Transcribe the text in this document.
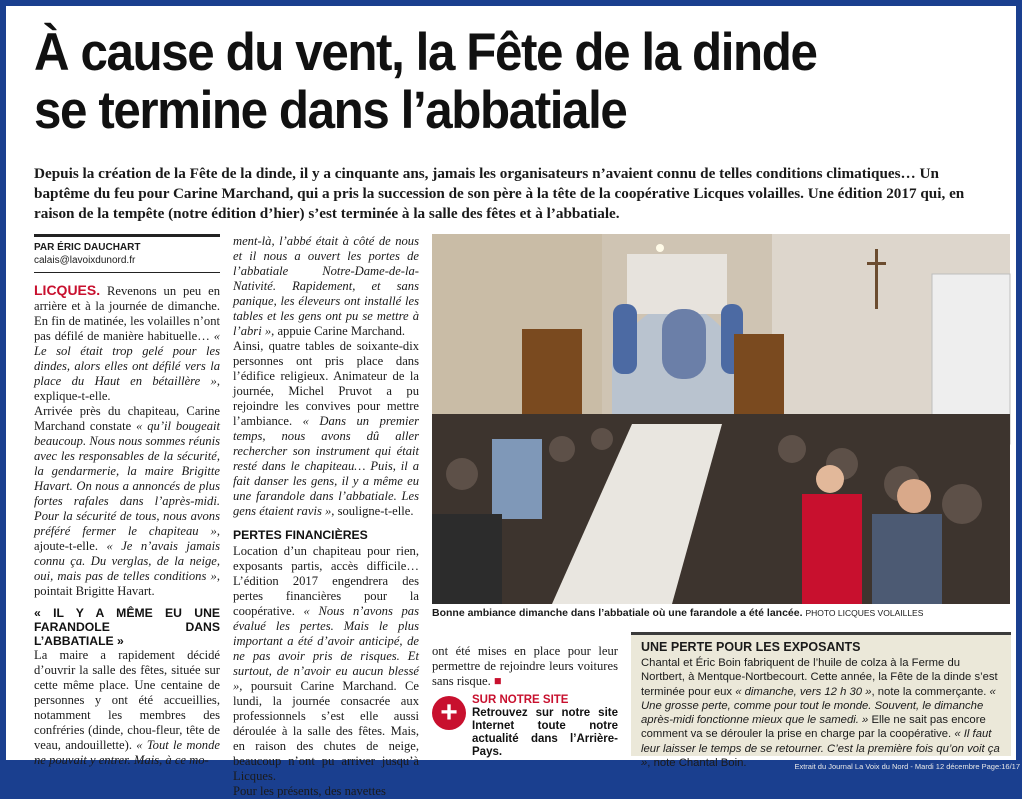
À cause du vent, la Fête de la dinde
se termine dans l’abbatiale

Depuis la création de la Fête de la dinde, il y a cinquante ans, jamais les organisateurs n’avaient connu de telles conditions climatiques… Un baptême du feu pour Carine Marchand, qui a pris la succession de son père à la tête de la coopérative Licques volailles. Une édition 2017 qui, en raison de la tempête (notre édition d’hier) s’est terminée à la salle des fêtes et à l’abbatiale.

PAR ÉRIC DAUCHART
calais@lavoixdunord.fr

LICQUES. Revenons un peu en arrière et à la journée de dimanche. En fin de matinée, les volailles n’ont pas défilé de manière habituelle… « Le sol était trop gelé pour les dindes, alors elles ont défilé vers la place du Haut en bétaillère », explique-t-elle.

Arrivée près du chapiteau, Carine Marchand constate « qu’il bougeait beaucoup. Nous nous sommes réunis avec les responsables de la sécurité, la gendarmerie, la maire Brigitte Havart. On nous a annoncés de plus fortes rafales dans l’après-midi. Pour la sécurité de tous, nous avons préféré fermer le chapiteau », ajoute-t-elle. « Je n’avais jamais connu ça. Du verglas, de la neige, oui, mais pas de telles conditions », pointait Brigitte Havart.

« IL Y A MÊME EU UNE FARANDOLE DANS L’ABBATIALE »

La maire a rapidement décidé d’ouvrir la salle des fêtes, située sur cette même place. Une centaine de personnes y ont été accueillies, notamment les membres des confréries (dinde, chou-fleur, tête de veau, andouillette). « Tout le monde ne pouvait y entrer. Mais, à ce mo-

ment-là, l’abbé était à côté de nous et il nous a ouvert les portes de l’abbatiale Notre-Dame-de-la-Nativité. Rapidement, et sans panique, les éleveurs ont installé les tables et les gens ont pu se mettre à l’abri », appuie Carine Marchand.

Ainsi, quatre tables de soixante-dix personnes ont pris place dans l’édifice religieux. Animateur de la journée, Michel Pruvot a pu rejoindre les convives pour mettre l’ambiance. « Dans un premier temps, nous avons dû aller rechercher son instrument qui était resté dans le chapiteau… Puis, il a fait danser les gens, il y a même eu une farandole dans l’abbatiale. Les gens étaient ravis », souligne-t-elle.

PERTES FINANCIÈRES

Location d’un chapiteau pour rien, exposants partis, accès difficile… L’édition 2017 engendrera des pertes financières pour la coopérative. « Nous n’avons pas évalué les pertes. Mais le plus important a été d’avoir anticipé, de ne pas avoir pris de risques. Et surtout, de n’avoir eu aucun blessé », poursuit Carine Marchand. Ce lundi, la journée consacrée aux professionnels s’est elle aussi déroulée à la salle des fêtes. Mais, en raison des chutes de neige, beaucoup n’ont pu arriver jusqu’à Licques.

Pour les présents, des navettes

Bonne ambiance dimanche dans l’abbatiale où une farandole a été lancée. PHOTO LICQUES VOLAILLES

ont été mises en place pour leur permettre de rejoindre leurs voitures sans risque. ■

+ SUR NOTRE SITE
Retrouvez sur notre site Internet toute notre actualité dans l’Arrière-Pays.
UNE PERTE POUR LES EXPOSANTS

Chantal et Éric Boin fabriquent de l’huile de colza à la Ferme du Nortbert, à Mentque-Nortbecourt. Cette année, la Fête de la dinde s’est terminée pour eux « dimanche, vers 12 h 30 », note la commerçante. « Une grosse perte, comme pour tout le monde. Souvent, le dimanche après-midi fonctionne mieux que le samedi. » Elle ne sait pas encore comment va se dérouler la prise en charge par la coopérative. « Il faut leur laisser le temps de se retourner. C’est la première fois qu’on voit ça », note Chantal Boin.	Extrait du Journal La Voix du Nord - Mardi 12 décembre Page:16/17
